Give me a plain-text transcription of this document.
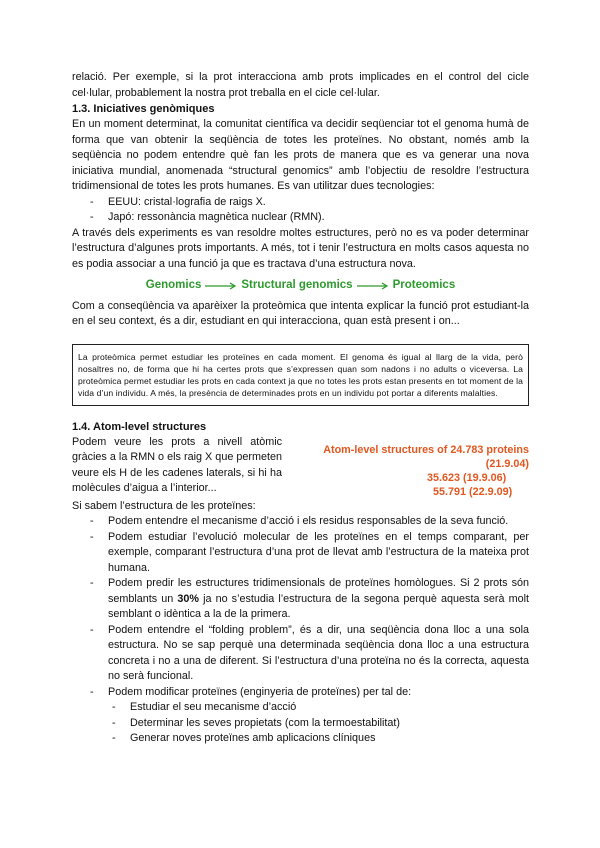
relació. Per exemple, si la prot interacciona amb prots implicades en el control del cicle cel·lular, probablement la nostra prot treballa en el cicle cel·lular.

1.3. Iniciatives genòmiques

En un moment determinat, la comunitat científica va decidir seqüenciar tot el genoma humà de forma que van obtenir la seqüència de totes les proteïnes. No obstant, només amb la seqüència no podem entendre què fan les prots de manera que es va generar una nova iniciativa mundial, anomenada “structural genomics” amb l’objectiu de resoldre l’estructura tridimensional de totes les prots humanes. Es van utilitzar dues tecnologies:

- EEUU: cristal·lografia de raigs X.
- Japó: ressonància magnètica nuclear (RMN).

A través dels experiments es van resoldre moltes estructures, però no es va poder determinar l’estructura d’algunes prots importants. A més, tot i tenir l’estructura en molts casos aquesta no es podia associar a una funció ja que es tractava d’una estructura nova.

Genomics	Structural genomics	Proteomics

Com a conseqüència va aparèixer la proteòmica que intenta explicar la funció prot estudiant-la en el seu context, és a dir, estudiant en qui interacciona, quan està present i on...

La proteòmica permet estudiar les proteïnes en cada moment. El genoma és igual al llarg de la vida, però nosaltres no, de forma que hi ha certes prots que s’expressen quan som nadons i no adults o viceversa. La proteòmica permet estudiar les prots en cada context ja que no totes les prots estan presents en tot moment de la vida d’un individu. A més, la presència de determinades prots en un individu pot portar a diferents malalties.
1.4. Atom-level structures

Podem veure les prots a nivell atòmic gràcies a la RMN o els raig X que permeten veure els H de les cadenes laterals, si hi ha molècules d’aigua a l’interior...

Atom-level structures of 24.783 proteins (21.9.04)
35.623 (19.9.06)
55.791 (22.9.09)

Si sabem l’estructura de les proteïnes:

- Podem entendre el mecanisme d’acció i els residus responsables de la seva funció.
- Podem estudiar l’evolució molecular de les proteïnes en el temps comparant, per exemple, comparant l’estructura d’una prot de llevat amb l’estructura de la mateixa prot humana.
- Podem predir les estructures tridimensionals de proteïnes homòlogues. Si 2 prots són semblants un 30% ja no s’estudia l’estructura de la segona perquè aquesta serà molt semblant o idèntica a la de la primera.
- Podem entendre el “folding problem”, és a dir, una seqüència dona lloc a una sola estructura. No se sap perquè una determinada seqüència dona lloc a una estructura concreta i no a una de diferent. Si l’estructura d’una proteïna no és la correcta, aquesta no serà funcional.
- Podem modificar proteïnes (enginyeria de proteïnes) per tal de:
- Estudiar el seu mecanisme d’acció
- Determinar les seves propietats (com la termoestabilitat)
- Generar noves proteïnes amb aplicacions clíniques
